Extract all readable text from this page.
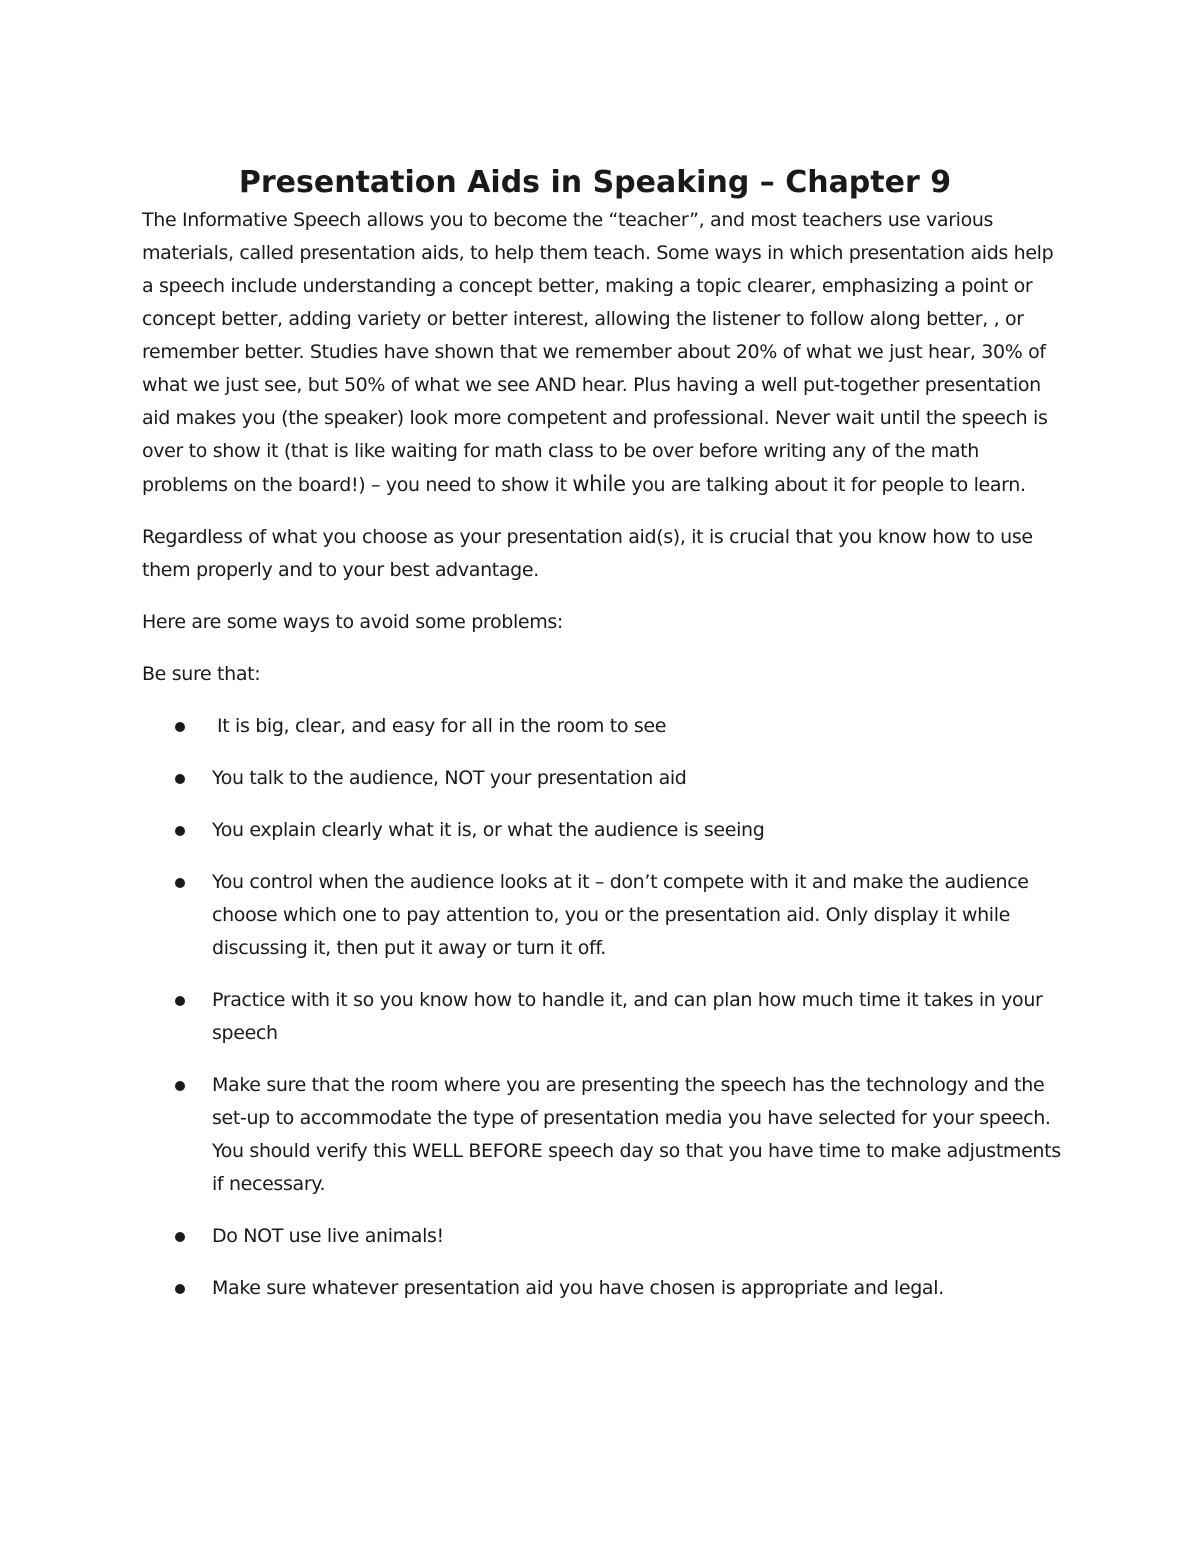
Presentation Aids in Speaking – Chapter 9

The Informative Speech allows you to become the “teacher”, and most teachers use various materials, called presentation aids, to help them teach. Some ways in which presentation aids help a speech include understanding a concept better, making a topic clearer, emphasizing a point or concept better, adding variety or better interest, allowing the listener to follow along better, , or remember better. Studies have shown that we remember about 20% of what we just hear, 30% of what we just see, but 50% of what we see AND hear. Plus having a well put-together presentation aid makes you (the speaker) look more competent and professional. Never wait until the speech is over to show it (that is like waiting for math class to be over before writing any of the math problems on the board!) – you need to show it while you are talking about it for people to learn.

Regardless of what you choose as your presentation aid(s), it is crucial that you know how to use them properly and to your best advantage.

Here are some ways to avoid some problems:

Be sure that:

It is big, clear, and easy for all in the room to see
You talk to the audience, NOT your presentation aid
You explain clearly what it is, or what the audience is seeing
You control when the audience looks at it – don’t compete with it and make the audience choose which one to pay attention to, you or the presentation aid. Only display it while discussing it, then put it away or turn it off.
Practice with it so you know how to handle it, and can plan how much time it takes in your speech
Make sure that the room where you are presenting the speech has the technology and the set-up to accommodate the type of presentation media you have selected for your speech. You should verify this WELL BEFORE speech day so that you have time to make adjustments if necessary.
Do NOT use live animals!
Make sure whatever presentation aid you have chosen is appropriate and legal.
